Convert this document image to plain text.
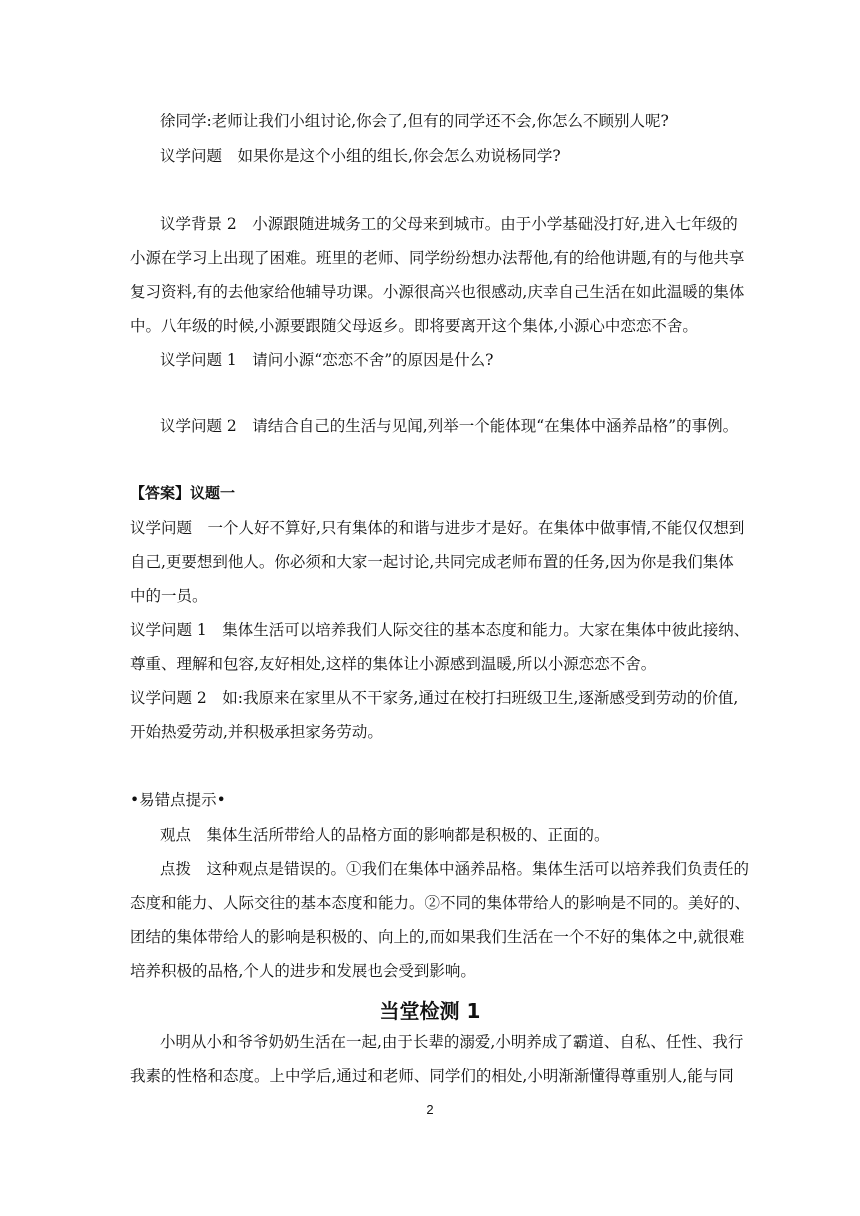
徐同学:老师让我们小组讨论,你会了,但有的同学还不会,你怎么不顾别人呢?
议学问题　如果你是这个小组的组长,你会怎么劝说杨同学?
议学背景 2　小源跟随进城务工的父母来到城市。由于小学基础没打好,进入七年级的
小源在学习上出现了困难。班里的老师、同学纷纷想办法帮他,有的给他讲题,有的与他共享
复习资料,有的去他家给他辅导功课。小源很高兴也很感动,庆幸自己生活在如此温暖的集体
中。八年级的时候,小源要跟随父母返乡。即将要离开这个集体,小源心中恋恋不舍。
议学问题 1　请问小源“恋恋不舍”的原因是什么?
议学问题 2　请结合自己的生活与见闻,列举一个能体现“在集体中涵养品格”的事例。
【答案】议题一
议学问题　一个人好不算好,只有集体的和谐与进步才是好。在集体中做事情,不能仅仅想到
自己,更要想到他人。你必须和大家一起讨论,共同完成老师布置的任务,因为你是我们集体
中的一员。
议学问题 1　集体生活可以培养我们人际交往的基本态度和能力。大家在集体中彼此接纳、
尊重、理解和包容,友好相处,这样的集体让小源感到温暖,所以小源恋恋不舍。
议学问题 2　如:我原来在家里从不干家务,通过在校打扫班级卫生,逐渐感受到劳动的价值,
开始热爱劳动,并积极承担家务劳动。
•易错点提示•
观点　集体生活所带给人的品格方面的影响都是积极的、正面的。
点拨　这种观点是错误的。①我们在集体中涵养品格。集体生活可以培养我们负责任的
态度和能力、人际交往的基本态度和能力。②不同的集体带给人的影响是不同的。美好的、
团结的集体带给人的影响是积极的、向上的,而如果我们生活在一个不好的集体之中,就很难
培养积极的品格,个人的进步和发展也会受到影响。
当堂检测 1
小明从小和爷爷奶奶生活在一起,由于长辈的溺爱,小明养成了霸道、自私、任性、我行
我素的性格和态度。上中学后,通过和老师、同学们的相处,小明渐渐懂得尊重别人,能与同
2
